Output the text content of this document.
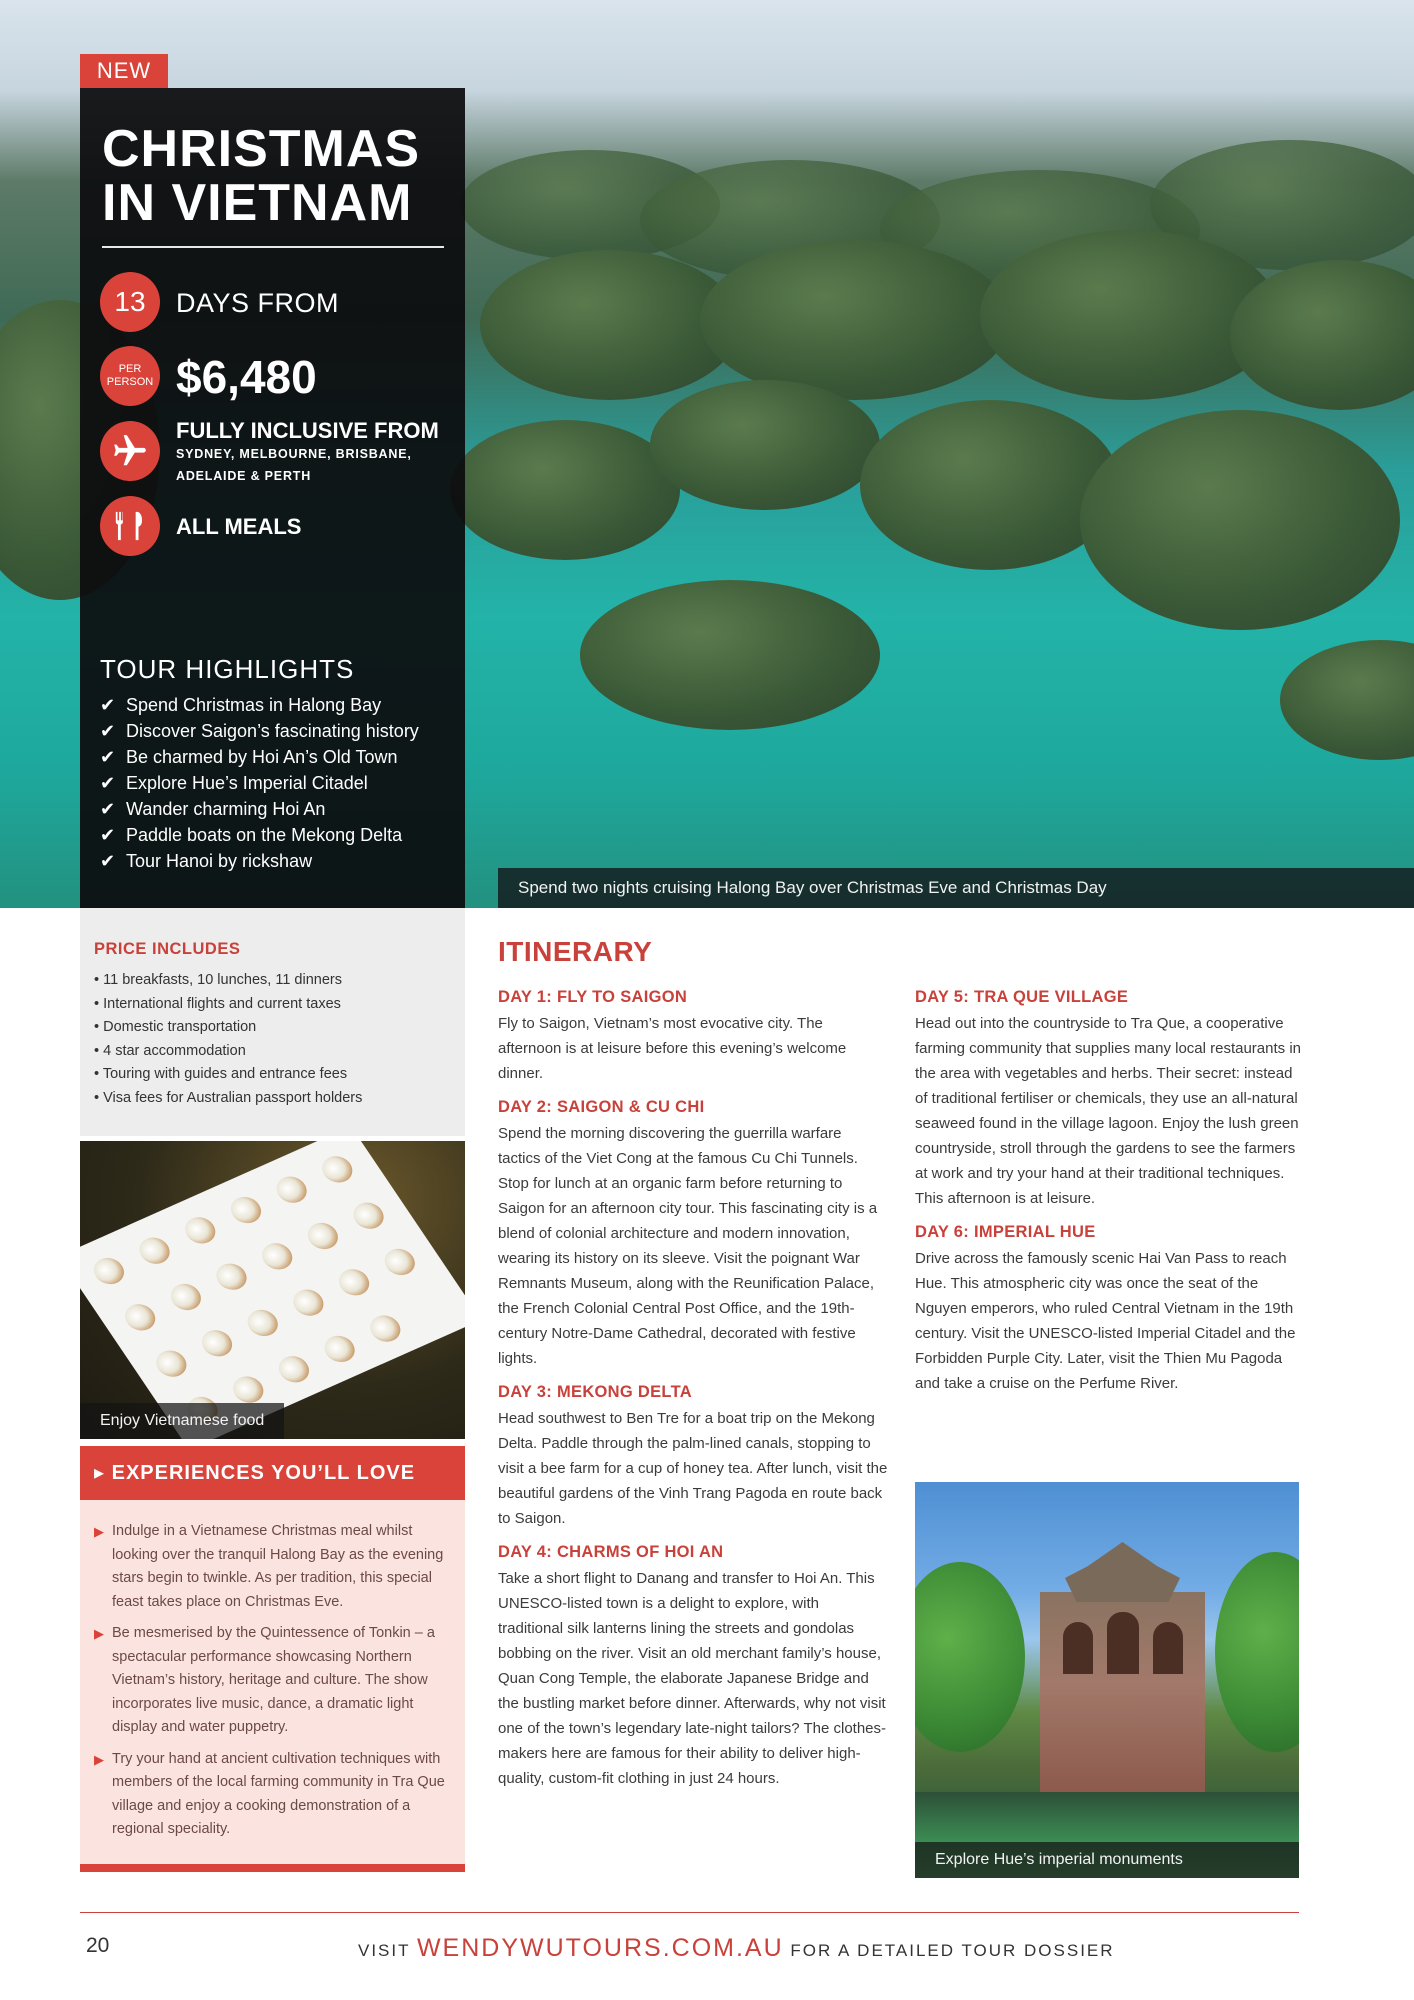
Spend two nights cruising Halong Bay over Christmas Eve and Christmas Day
NEW
CHRISTMAS
IN VIETNAM
13	DAYS FROM
PER PERSON $6,480
FULLY INCLUSIVE FROM
SYDNEY, MELBOURNE, BRISBANE,
ADELAIDE & PERTH
ALL MEALS
TOUR HIGHLIGHTS
✔ Spend Christmas in Halong Bay
✔ Discover Saigon’s fascinating history
✔ Be charmed by Hoi An’s Old Town
✔ Explore Hue’s Imperial Citadel
✔ Wander charming Hoi An
✔ Paddle boats on the Mekong Delta
✔ Tour Hanoi by rickshaw
PRICE INCLUDES
• 11 breakfasts, 10 lunches, 11 dinners
• International flights and current taxes
• Domestic transportation
• 4 star accommodation
• Touring with guides and entrance fees
• Visa fees for Australian passport holders
Enjoy Vietnamese food
▸ EXPERIENCES YOU’LL LOVE
▶ Indulge in a Vietnamese Christmas meal whilst looking over the tranquil Halong Bay as the evening stars begin to twinkle. As per tradition, this special feast takes place on Christmas Eve.
▶ Be mesmerised by the Quintessence of Tonkin – a spectacular performance showcasing Northern Vietnam’s history, heritage and culture. The show incorporates live music, dance, a dramatic light display and water puppetry.
▶ Try your hand at ancient cultivation techniques with members of the local farming community in Tra Que village and enjoy a cooking demonstration of a regional speciality.
ITINERARY
DAY 1: FLY TO SAIGON
Fly to Saigon, Vietnam’s most evocative city. The afternoon is at leisure before this evening’s welcome dinner.
DAY 2: SAIGON & CU CHI
Spend the morning discovering the guerrilla warfare tactics of the Viet Cong at the famous Cu Chi Tunnels. Stop for lunch at an organic farm before returning to Saigon for an afternoon city tour. This fascinating city is a blend of colonial architecture and modern innovation, wearing its history on its sleeve. Visit the poignant War Remnants Museum, along with the Reunification Palace, the French Colonial Central Post Office, and the 19th-century Notre-Dame Cathedral, decorated with festive lights.
DAY 3: MEKONG DELTA
Head southwest to Ben Tre for a boat trip on the Mekong Delta. Paddle through the palm-lined canals, stopping to visit a bee farm for a cup of honey tea. After lunch, visit the beautiful gardens of the Vinh Trang Pagoda en route back to Saigon.
DAY 4: CHARMS OF HOI AN
Take a short flight to Danang and transfer to Hoi An. This UNESCO-listed town is a delight to explore, with traditional silk lanterns lining the streets and gondolas bobbing on the river. Visit an old merchant family’s house, Quan Cong Temple, the elaborate Japanese Bridge and the bustling market before dinner. Afterwards, why not visit one of the town’s legendary late-night tailors? The clothes-makers here are famous for their ability to deliver high-quality, custom-fit clothing in just 24 hours.
DAY 5: TRA QUE VILLAGE
Head out into the countryside to Tra Que, a cooperative farming community that supplies many local restaurants in the area with vegetables and herbs. Their secret: instead of traditional fertiliser or chemicals, they use an all-natural seaweed found in the village lagoon. Enjoy the lush green countryside, stroll through the gardens to see the farmers at work and try your hand at their traditional techniques. This afternoon is at leisure.
DAY 6: IMPERIAL HUE
Drive across the famously scenic Hai Van Pass to reach Hue. This atmospheric city was once the seat of the Nguyen emperors, who ruled Central Vietnam in the 19th century. Visit the UNESCO-listed Imperial Citadel and the Forbidden Purple City. Later, visit the Thien Mu Pagoda and take a cruise on the Perfume River.
Explore Hue’s imperial monuments
20	VISIT WENDYWUTOURS.COM.AU FOR A DETAILED TOUR DOSSIER
